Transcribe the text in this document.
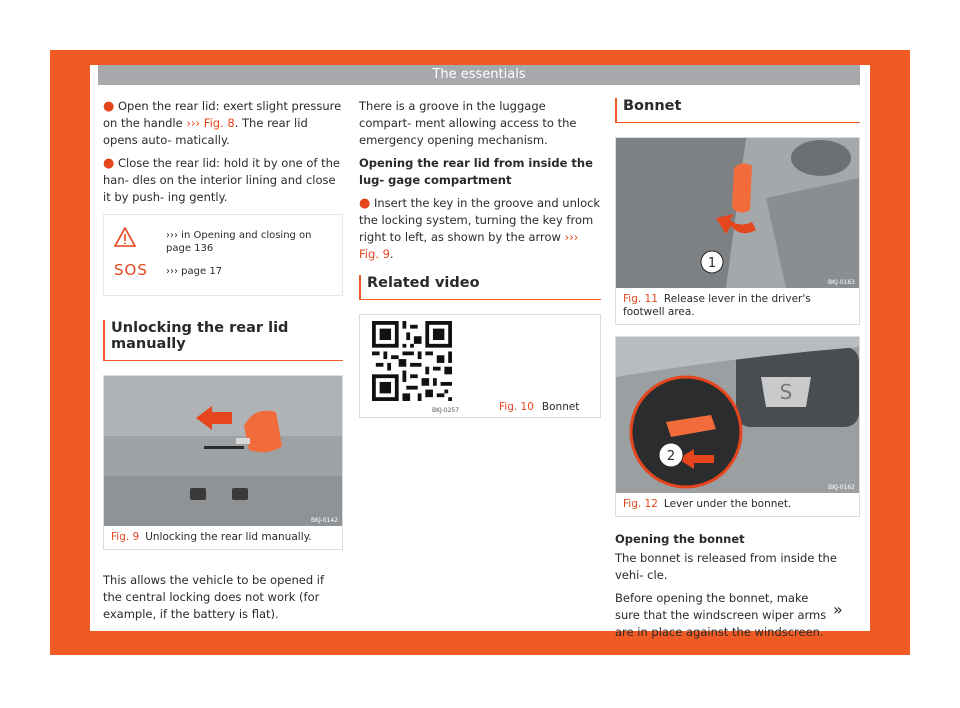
The essentials
● Open the rear lid: exert slight pressure on the handle ››› Fig. 8. The rear lid opens auto- matically.
● Close the rear lid: hold it by one of the han- dles on the interior lining and close it by push- ing gently.
››› in Opening and closing on page 136
SOS ››› page 17
Unlocking the rear lid manually
BKJ-0142
Fig. 9 Unlocking the rear lid manually.

This allows the vehicle to be opened if the central locking does not work (for example, if the battery is flat).

There is a groove in the luggage compart- ment allowing access to the emergency opening mechanism.

Opening the rear lid from inside the lug- gage compartment

● Insert the key in the groove and unlock the locking system, turning the key from right to left, as shown by the arrow ››› Fig. 9.
Related video
BKJ-0257	Fig. 10 Bonnet
Bonnet
1
BKJ-0163
Fig. 11 Release lever in the driver's footwell area.
S
2
BKJ-0162
Fig. 12 Lever under the bonnet.

Opening the bonnet

The bonnet is released from inside the vehi- cle.

Before opening the bonnet, make sure that the windscreen wiper arms are in place against the windscreen.

»
17
